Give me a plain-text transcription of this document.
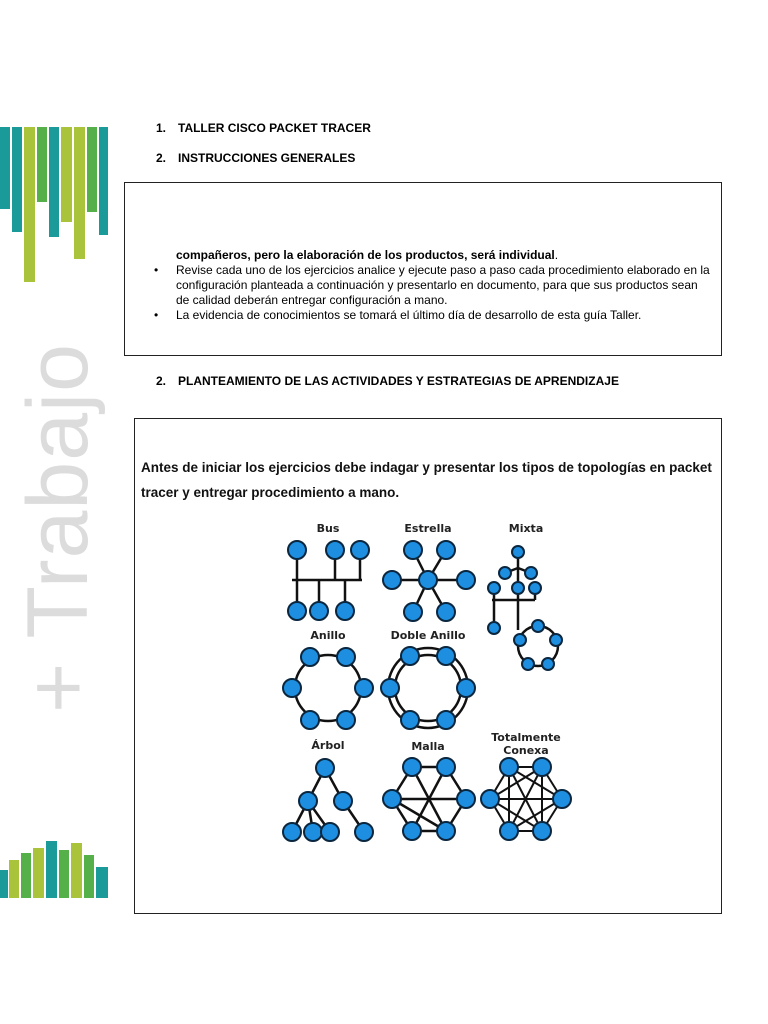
+ Trabajo
1. TALLER CISCO PACKET TRACER
2. INSTRUCCIONES GENERALES
compañeros, pero la elaboración de los productos, será individual.
• Revise cada uno de los ejercicios analice y ejecute paso a paso cada procedimiento elaborado en la configuración planteada a continuación y presentarlo en documento, para que sus productos sean de calidad deberán entregar configuración a mano.
• La evidencia de conocimientos se tomará el último día de desarrollo de esta guía Taller.
2. PLANTEAMIENTO DE LAS ACTIVIDADES Y ESTRATEGIAS DE APRENDIZAJE
Antes de iniciar los ejercicios debe indagar y presentar los tipos de topologías en packet tracer y entregar procedimiento a mano.
Bus	Estrella	Mixta
Anillo	Doble Anillo
Árbol	Malla
Totalmente
Conexa
